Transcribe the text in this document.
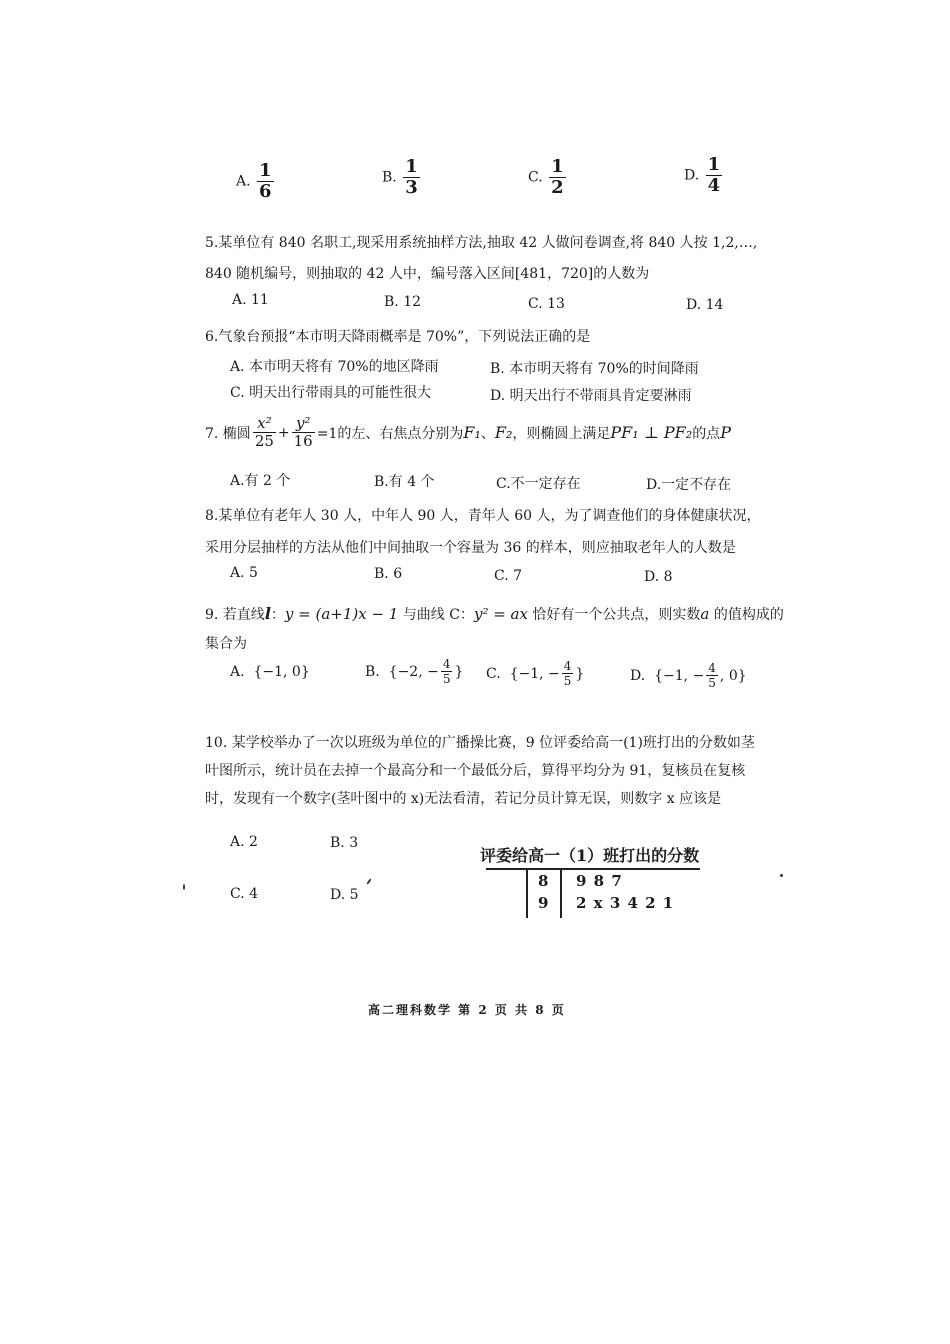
A. $\frac{1}{6}$	B. $\frac{1}{3}$	C. $\frac{1}{2}$	D. $\frac{1}{4}$
5.某单位有 840 名职工,现采用系统抽样方法,抽取 42 人做问卷调查,将 840 人按 1,2,…,
840 随机编号，则抽取的 42 人中，编号落入区间[481，720]的人数为
A. 11	B. 12	C. 13	D. 14
6.气象台预报“本市明天降雨概率是 70%”，下列说法正确的是
A. 本市明天将有 70%的地区降雨	B. 本市明天将有 70%的时间降雨
C. 明天出行带雨具的可能性很大	D. 明天出行不带雨具肯定要淋雨
7. 椭圆 $\frac{\text{x²}}{25} + \frac{\text{y²}}{16} =1$的左、右焦点分别为 F₁ 、 F₂ ，则椭圆上满足 PF₁ ⊥ PF₂ 的点 P
A.有 2 个	B.有 4 个	C.不一定存在	D.一定不存在
8.某单位有老年人 30 人，中年人 90 人，青年人 60 人，为了调查他们的身体健康状况，
采用分层抽样的方法从他们中间抽取一个容量为 36 的样本，则应抽取老年人的人数是
A. 5	B. 6	C. 7	D. 8
9. 若直线l：y = (a+1)x − 1 与曲线 C：y² = ax 恰好有一个公共点，则实数a 的值构成的
集合为
A. {−1, 0}	B.
{−2, − $\frac{4}{5}$ } C.
{−1, − $\frac{4}{5}$ }	D.
{−1, − $\frac{4}{5}$ , 0}
10. 某学校举办了一次以班级为单位的广播操比赛，9 位评委给高一(1)班打出的分数如茎
叶图所示，统计员在去掉一个最高分和一个最低分后，算得平均分为 91，复核员在复核
时，发现有一个数字(茎叶图中的 x)无法看清，若记分员计算无误，则数字 x 应该是
A. 2	B. 3
C. 4	D. 5
评委给高一（1）班打出的分数
8 9 8 7
9 2 x 3 4 2 1
高二理科数学 第 2 页 共 8 页
